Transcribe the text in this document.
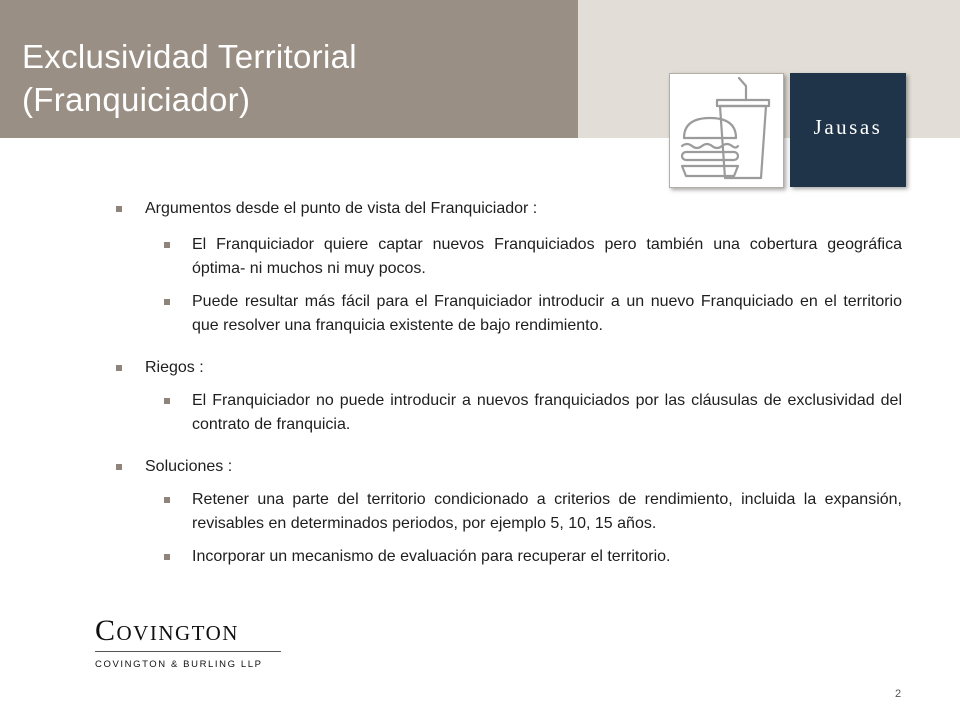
Exclusividad Territorial
(Franquiciador)
Jausas
Argumentos desde el punto de vista del Franquiciador :
El Franquiciador quiere captar nuevos Franquiciados pero también una cobertura geográfica óptima- ni muchos ni muy pocos.
Puede resultar más fácil para el Franquiciador introducir a un nuevo Franquiciado en el territorio que resolver una franquicia existente de bajo rendimiento.
Riegos :
El Franquiciador no puede introducir a nuevos franquiciados por las cláusulas de exclusividad del contrato de franquicia.
Soluciones :
Retener una parte del territorio condicionado a criterios de rendimiento, incluida la expansión, revisables en determinados periodos, por ejemplo 5, 10, 15 años.
Incorporar un mecanismo de evaluación para recuperar el territorio.
Covington
COVINGTON & BURLING LLP
2
